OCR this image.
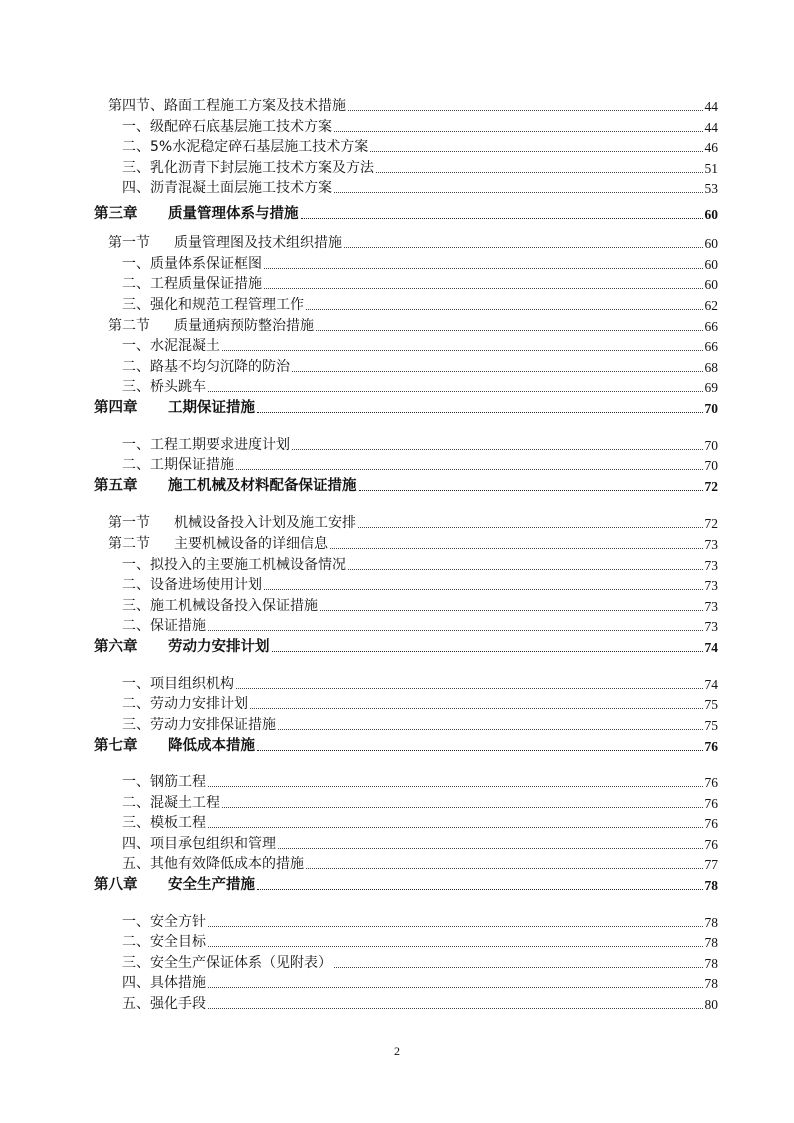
第四节、路面工程施工方案及技术措施	44
一、级配碎石底基层施工技术方案	44
二、5%水泥稳定碎石基层施工技术方案	46
三、乳化沥青下封层施工技术方案及方法	51
四、沥青混凝土面层施工技术方案	53
第三章 质量管理体系与措施	60
第一节 质量管理图及技术组织措施	60
一、质量体系保证框图	60
二、工程质量保证措施	60
三、强化和规范工程管理工作	62
第二节 质量通病预防整治措施	66
一、水泥混凝土	66
二、路基不均匀沉降的防治	68
三、桥头跳车	69
第四章 工期保证措施	70
一、工程工期要求进度计划	70
二、工期保证措施	70
第五章 施工机械及材料配备保证措施	72
第一节 机械设备投入计划及施工安排	72
第二节 主要机械设备的详细信息	73
一、拟投入的主要施工机械设备情况	73
二、设备进场使用计划	73
三、施工机械设备投入保证措施	73
二、保证措施	73
第六章 劳动力安排计划	74
一、项目组织机构	74
二、劳动力安排计划	75
三、劳动力安排保证措施	75
第七章 降低成本措施	76
一、钢筋工程	76
二、混凝土工程	76
三、模板工程	76
四、项目承包组织和管理	76
五、其他有效降低成本的措施	77
第八章 安全生产措施	78
一、安全方针	78
二、安全目标	78
三、安全生产保证体系（见附表）	78
四、具体措施	78
五、强化手段	80
2
